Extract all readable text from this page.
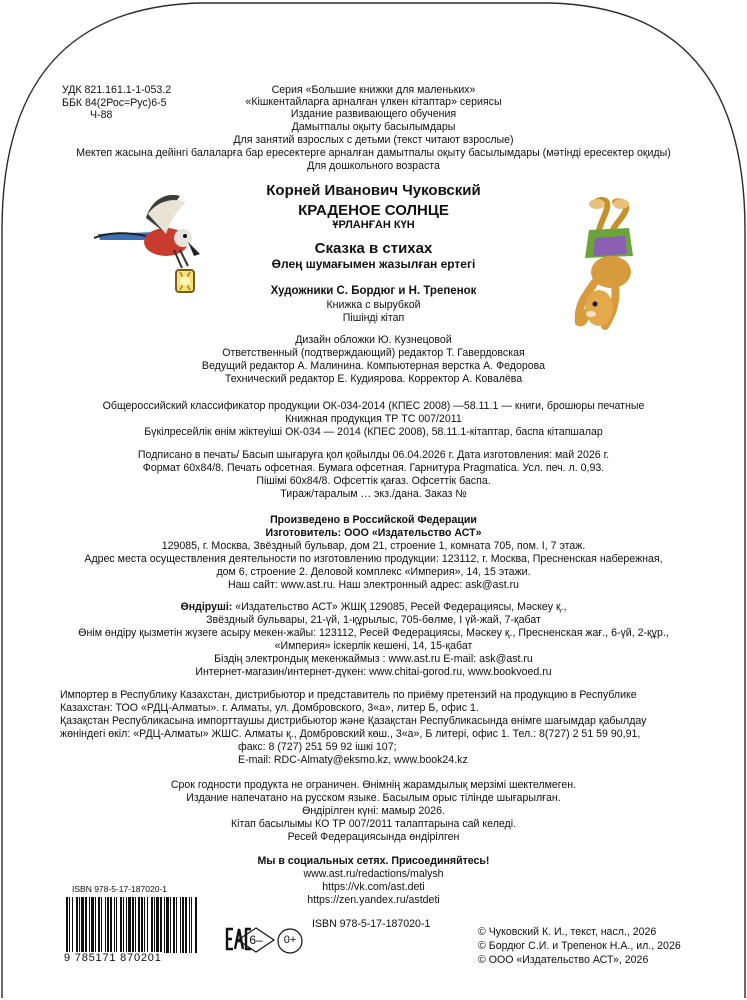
УДК 821.161.1-1-053.2
ББК 84(2Рос=Рус)6-5
Ч-88
Серия «Большие книжки для маленьких»
«Кішкентайларға арналған үлкен кітаптар» сериясы
Издание развивающего обучения
Дамытпалы оқыту басылымдары
Для занятий взрослых с детьми (текст читают взрослые)
Мектеп жасына дейінгі балаларға бар ересектерге арналған дамытпалы оқыту басылымдары (мәтінді ересектер оқиды)
Для дошкольного возраста
Корней Иванович Чуковский
КРАДЕНОЕ СОЛНЦЕ
ҰРЛАНҒАН КҮН
Сказка в стихах
Өлең шумағымен жазылған ертегі
Художники С. Бордюг и Н. Трепенок
Книжка с вырубкой
Пішінді кітап
Дизайн обложки Ю. Кузнецовой
Ответственный (подтверждающий) редактор Т. Гавердовская
Ведущий редактор А. Малинина. Компьютерная верстка А. Федорова
Технический редактор Е. Кудиярова. Корректор А. Ковалёва
Общероссийский классификатор продукции ОК-034-2014 (КПЕС 2008) —58.11.1 — книги, брошюры печатные
Книжная продукция ТР ТС 007/2011
Бүкілресейлік өнім жіктеуіші ОК-034 — 2014 (КПЕС 2008), 58.11.1-кітаптар, баспа кітапшалар
Подписано в печать/ Басып шығаруға қол қойылды 06.04.2026 г. Дата изготовления: май 2026 г.
Формат 60x84/8. Печать офсетная. Бумага офсетная. Гарнитура Pragmatica. Усл. печ. л. 0,93.
Пішімі 60x84/8. Офсеттік қағаз. Офсеттік баспа.
Тираж/таралым … экз./дана. Заказ №
Произведено в Российской Федерации
Изготовитель: ООО «Издательство АСТ»
129085, г. Москва, Звёздный бульвар, дом 21, строение 1, комната 705, пом. I, 7 этаж.
Адрес места осуществления деятельности по изготовлению продукции: 123112, г. Москва, Пресненская набережная,
дом 6, строение 2. Деловой комплекс «Империя», 14, 15 этажи.
Наш сайт: www.ast.ru. Наш электронный адрес: ask@ast.ru
Өндіруші: «Издательство АСТ» ЖШҚ 129085, Ресей Федерациясы, Мәскеу қ.,
Звёздный бульвары, 21-үй, 1-құрылыс, 705-бөлме, I үй-жай, 7-қабат
Өнім өндіру қызметін жүзеге асыру мекен-жайы: 123112, Ресей Федерациясы, Мәскеу қ., Пресненская жағ., 6-үй, 2-құр.,
«Империя» іскерлік кешені, 14, 15-қабат
Біздің электрондық мекенжаймыз : www.ast.ru E-mail: ask@ast.ru
Интернет-магазин/интернет-дүкен: www.chitai-gorod.ru, www.bookvoed.ru
Импортер в Республику Казахстан, дистрибьютор и представитель по приёму претензий на продукцию в Республике
Казахстан: ТОО «РДЦ-Алматы». г. Алматы, ул. Домбровского, 3«а», литер Б, офис 1.
Қазақстан Республикасына импорттаушы дистрибьютор және Қазақстан Республикасында өнімге шағымдар қабылдау
жөніндегі өкіл: «РДЦ-Алматы» ЖШС. Алматы қ., Домбровский көш., 3«а», Б литері, офис 1. Тел.: 8(727) 2 51 59 90,91,
факс: 8 (727) 251 59 92 ішкі 107;
E-mail: RDC-Almaty@eksmo.kz, www.book24.kz
Срок годности продукта не ограничен. Өнімнің жарамдылық мерзімі шектелмеген.
Издание напечатано на русском языке. Басылым орыс тілінде шығарылған.
Өндірілген күні: мамыр 2026.
Кітап басылымы КО ТР 007/2011 талаптарына сай келеді.
Ресей Федерациясында өндірілген
Мы в социальных сетях. Присоединяйтесь!
www.ast.ru/redactions/malysh
https://vk.com/ast.deti
https://zen.yandex.ru/astdeti
ISBN 978-5-17-187020-1
9 785171 870201
ISBN 978-5-17-187020-1
6–	0+
© Чуковский К. И., текст, насл., 2026
© Бордюг С.И. и Трепенок Н.А., ил., 2026
© ООО «Издательство АСТ», 2026
